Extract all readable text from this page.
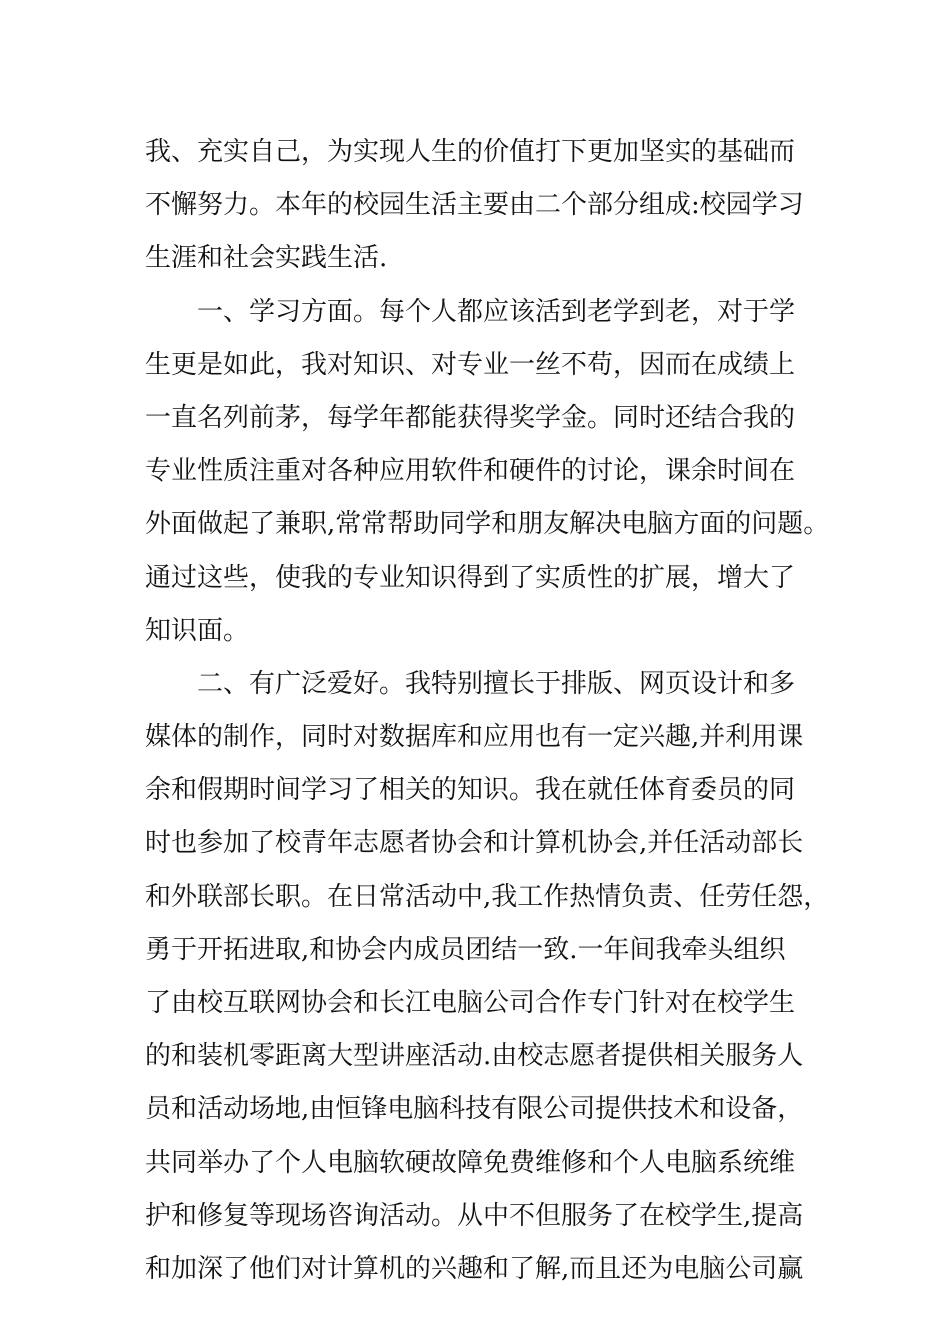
我、充实自己，为实现人生的价值打下更加坚实的基础而
不懈努力。本年的校园生活主要由二个部分组成:校园学习
生涯和社会实践生活.
　　一、学习方面。每个人都应该活到老学到老，对于学
生更是如此，我对知识、对专业一丝不苟，因而在成绩上
一直名列前茅，每学年都能获得奖学金。同时还结合我的
专业性质注重对各种应用软件和硬件的讨论，课余时间在
外面做起了兼职,常常帮助同学和朋友解决电脑方面的问题。
通过这些，使我的专业知识得到了实质性的扩展，增大了
知识面。
　　二、有广泛爱好。我特别擅长于排版、网页设计和多
媒体的制作，同时对数据库和应用也有一定兴趣,并利用课
余和假期时间学习了相关的知识。我在就任体育委员的同
时也参加了校青年志愿者协会和计算机协会,并任活动部长
和外联部长职。在日常活动中,我工作热情负责、任劳任怨，
勇于开拓进取,和协会内成员团结一致.一年间我牵头组织
了由校互联网协会和长江电脑公司合作专门针对在校学生
的和装机零距离大型讲座活动.由校志愿者提供相关服务人
员和活动场地,由恒锋电脑科技有限公司提供技术和设备，
共同举办了个人电脑软硬故障免费维修和个人电脑系统维
护和修复等现场咨询活动。从中不但服务了在校学生,提高
和加深了他们对计算机的兴趣和了解,而且还为电脑公司赢
